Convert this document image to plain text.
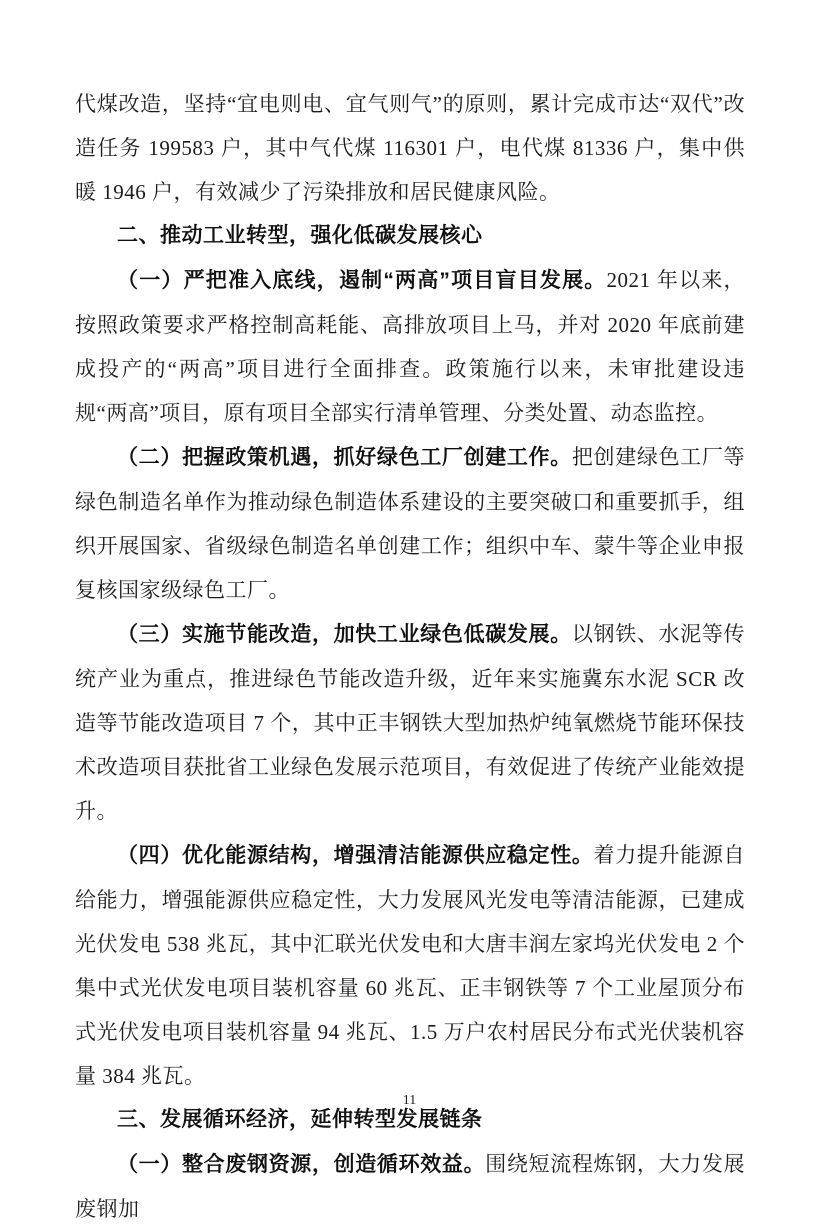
代煤改造，坚持“宜电则电、宜气则气”的原则，累计完成市达“双代”改造任务 199583 户，其中气代煤 116301 户，电代煤 81336 户，集中供暖 1946 户，有效减少了污染排放和居民健康风险。

二、推动工业转型，强化低碳发展核心

（一）严把准入底线，遏制“两高”项目盲目发展。2021 年以来，按照政策要求严格控制高耗能、高排放项目上马，并对 2020 年底前建成投产的“两高”项目进行全面排查。政策施行以来，未审批建设违规“两高”项目，原有项目全部实行清单管理、分类处置、动态监控。

（二）把握政策机遇，抓好绿色工厂创建工作。把创建绿色工厂等绿色制造名单作为推动绿色制造体系建设的主要突破口和重要抓手，组织开展国家、省级绿色制造名单创建工作；组织中车、蒙牛等企业申报复核国家级绿色工厂。

（三）实施节能改造，加快工业绿色低碳发展。以钢铁、水泥等传统产业为重点，推进绿色节能改造升级，近年来实施冀东水泥 SCR 改造等节能改造项目 7 个，其中正丰钢铁大型加热炉纯氧燃烧节能环保技术改造项目获批省工业绿色发展示范项目，有效促进了传统产业能效提升。

（四）优化能源结构，增强清洁能源供应稳定性。着力提升能源自给能力，增强能源供应稳定性，大力发展风光发电等清洁能源，已建成光伏发电 538 兆瓦，其中汇联光伏发电和大唐丰润左家坞光伏发电 2 个集中式光伏发电项目装机容量 60 兆瓦、正丰钢铁等 7 个工业屋顶分布式光伏发电项目装机容量 94 兆瓦、1.5 万户农村居民分布式光伏装机容量 384 兆瓦。

三、发展循环经济，延伸转型发展链条

（一）整合废钢资源，创造循环效益。围绕短流程炼钢，大力发展废钢加

11
